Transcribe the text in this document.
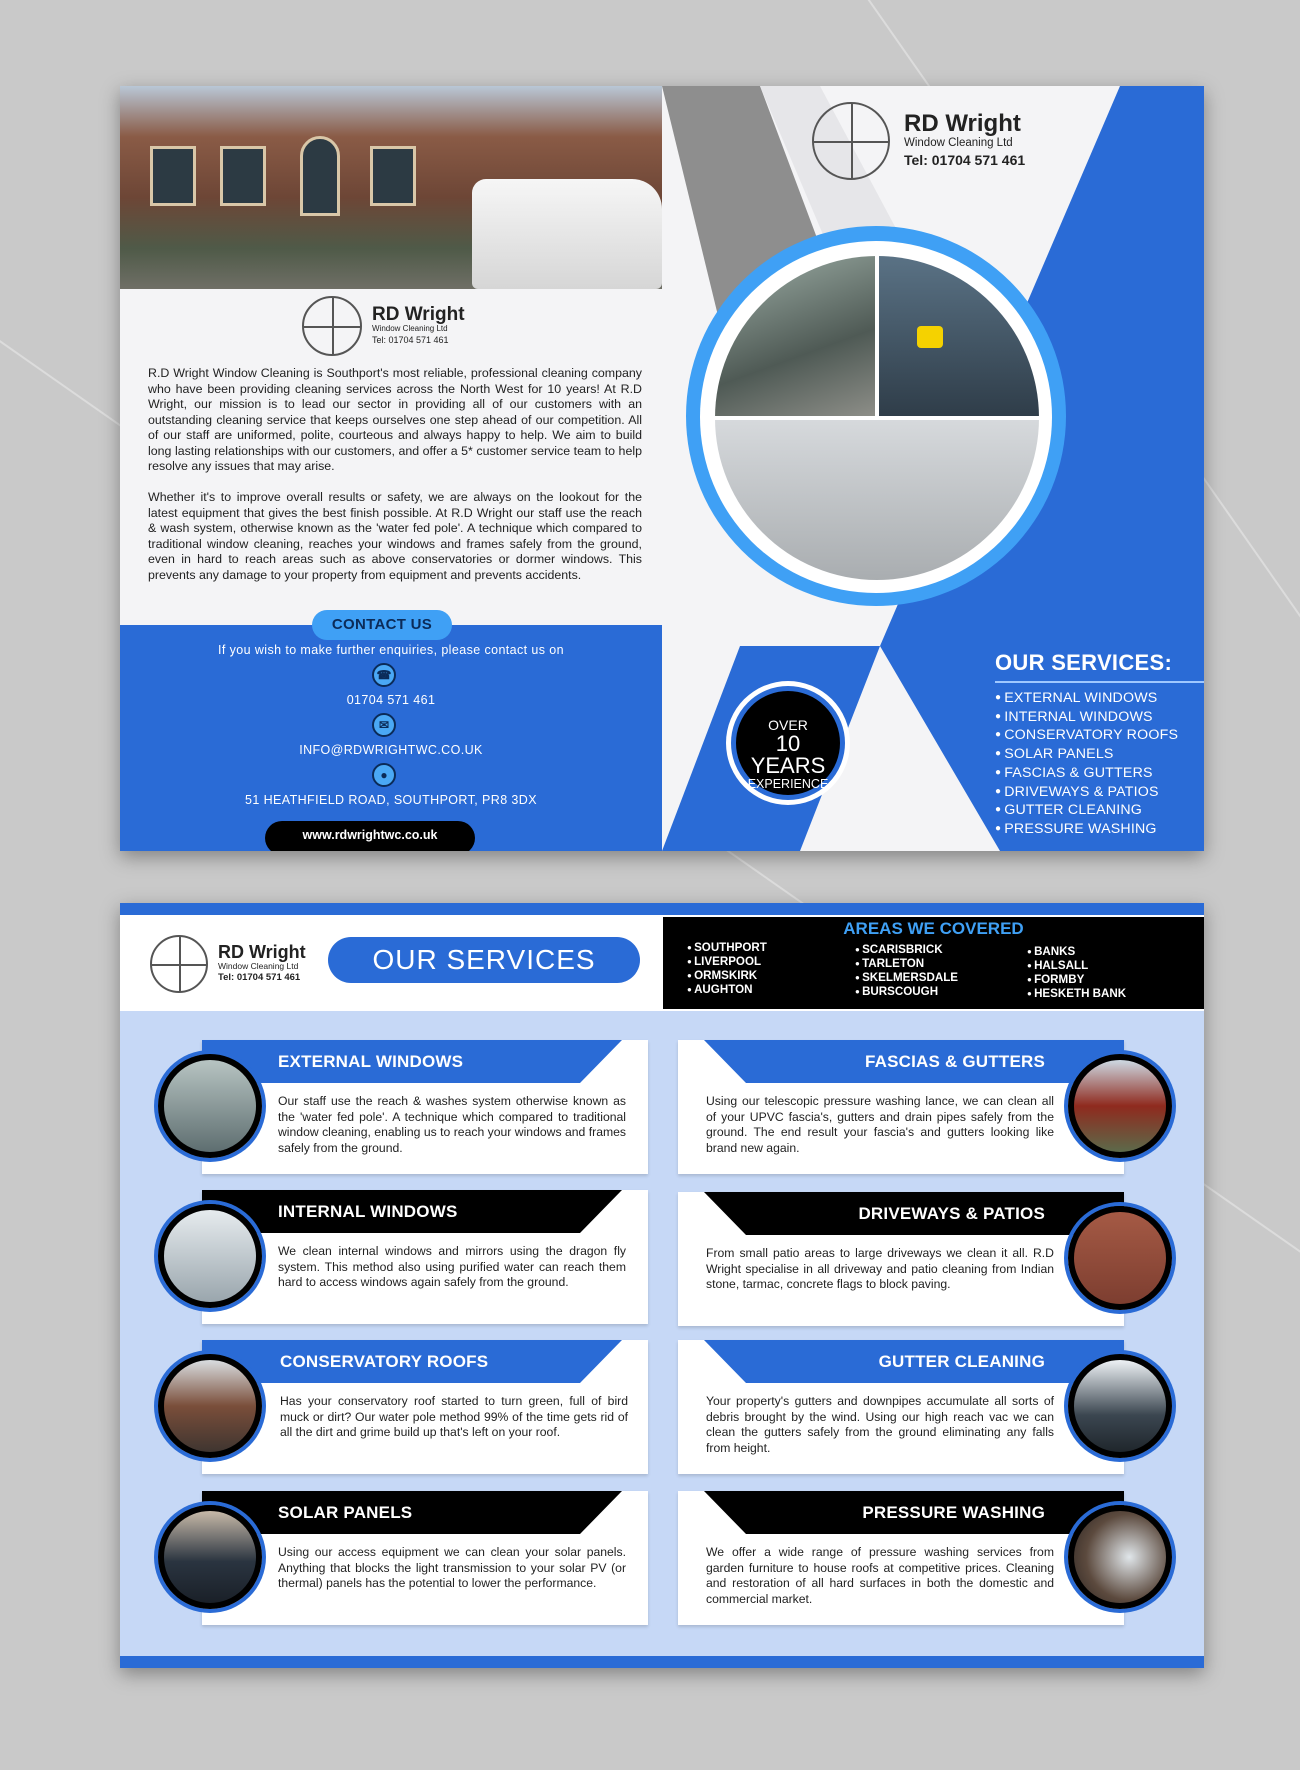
RD Wright
Window Cleaning Ltd
Tel: 01704 571 461

R.D Wright Window Cleaning is Southport's most reliable, professional cleaning company who have been providing cleaning services across the North West for 10 years! At R.D Wright, our mission is to lead our sector in providing all of our customers with an outstanding cleaning service that keeps ourselves one step ahead of our competition. All of our staff are uniformed, polite, courteous and always happy to help. We aim to build long lasting relationships with our customers, and offer a 5* customer service team to help resolve any issues that may arise.

Whether it's to improve overall results or safety, we are always on the lookout for the latest equipment that gives the best finish possible. At R.D Wright our staff use the reach & wash system, otherwise known as the 'water fed pole'. A technique which compared to traditional window cleaning, reaches your windows and frames safely from the ground, even in hard to reach areas such as above conservatories or dormer windows. This prevents any damage to your property from equipment and prevents accidents.

CONTACT US
If you wish to make further enquiries, please contact us on
☎
01704 571 461
✉
INFO@RDWRIGHTWC.CO.UK
●
51 HEATHFIELD ROAD, SOUTHPORT, PR8 3DX
www.rdwrightwc.co.uk
RD Wright
Window Cleaning Ltd
Tel: 01704 571 461
OVER
10 YEARS
EXPERIENCE
OUR SERVICES:
● EXTERNAL WINDOWS
● INTERNAL WINDOWS
● CONSERVATORY ROOFS
● SOLAR PANELS
● FASCIAS & GUTTERS
● DRIVEWAYS & PATIOS
● GUTTER CLEANING
● PRESSURE WASHING
RD Wright
Window Cleaning Ltd
Tel: 01704 571 461
OUR SERVICES
AREAS WE COVERED
● SOUTHPORT
● LIVERPOOL
● ORMSKIRK
● AUGHTON
● SCARISBRICK
● TARLETON
● SKELMERSDALE
● BURSCOUGH
● BANKS
● HALSALL
● FORMBY
● HESKETH BANK
EXTERNAL WINDOWS

Our staff use the reach & washes system otherwise known as the 'water fed pole'. A technique which compared to traditional window cleaning, enabling us to reach your windows and frames safely from the ground.

INTERNAL WINDOWS

We clean internal windows and mirrors using the dragon fly system. This method also using purified water can reach them hard to access windows again safely from the ground.

CONSERVATORY ROOFS

Has your conservatory roof started to turn green, full of bird muck or dirt? Our water pole method 99% of the time gets rid of all the dirt and grime build up that's left on your roof.

SOLAR PANELS

Using our access equipment we can clean your solar panels. Anything that blocks the light transmission to your solar PV (or thermal) panels has the potential to lower the performance.

FASCIAS & GUTTERS

Using our telescopic pressure washing lance, we can clean all of your UPVC fascia's, gutters and drain pipes safely from the ground. The end result your fascia's and gutters looking like brand new again.

DRIVEWAYS & PATIOS

From small patio areas to large driveways we clean it all. R.D Wright specialise in all driveway and patio cleaning from Indian stone, tarmac, concrete flags to block paving.

GUTTER CLEANING

Your property's gutters and downpipes accumulate all sorts of debris brought by the wind. Using our high reach vac we can clean the gutters safely from the ground eliminating any falls from height.

PRESSURE WASHING

We offer a wide range of pressure washing services from garden furniture to house roofs at competitive prices. Cleaning and restoration of all hard surfaces in both the domestic and commercial market.
